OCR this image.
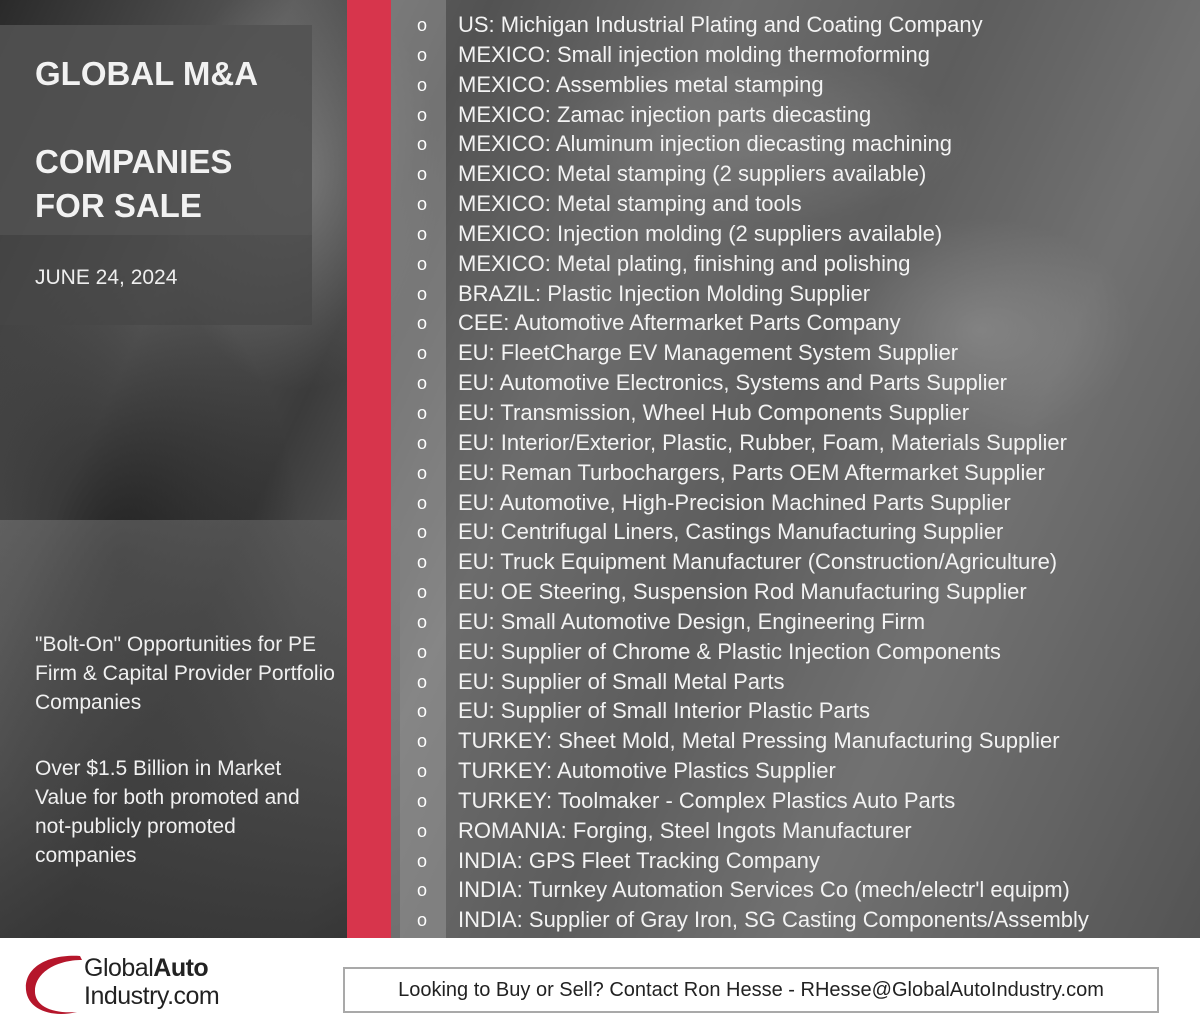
GLOBAL M&A

COMPANIES
FOR SALE
JUNE 24, 2024
"Bolt-On" Opportunities for PE Firm & Capital Provider Portfolio Companies
Over $1.5 Billion in Market Value for both promoted and not-publicly promoted companies
o	US: Michigan Industrial Plating and Coating Company
o	MEXICO: Small injection molding thermoforming
o	MEXICO: Assemblies metal stamping
o	MEXICO: Zamac injection parts diecasting
o	MEXICO: Aluminum injection diecasting machining
o	MEXICO: Metal stamping (2 suppliers available)
o	MEXICO: Metal stamping and tools
o	MEXICO: Injection molding (2 suppliers available)
o	MEXICO: Metal plating, finishing and polishing
o	BRAZIL: Plastic Injection Molding Supplier
o	CEE: Automotive Aftermarket Parts Company
o	EU: FleetCharge EV Management System Supplier
o	EU: Automotive Electronics, Systems and Parts Supplier
o	EU: Transmission, Wheel Hub Components Supplier
o	EU: Interior/Exterior, Plastic, Rubber, Foam, Materials Supplier
o	EU: Reman Turbochargers, Parts OEM Aftermarket Supplier
o	EU: Automotive, High-Precision Machined Parts Supplier
o	EU: Centrifugal Liners, Castings Manufacturing Supplier
o	EU: Truck Equipment Manufacturer (Construction/Agriculture)
o	EU: OE Steering, Suspension Rod Manufacturing Supplier
o	EU: Small Automotive Design, Engineering Firm
o	EU: Supplier of Chrome & Plastic Injection Components
o	EU: Supplier of Small Metal Parts
o	EU: Supplier of Small Interior Plastic Parts
o	TURKEY: Sheet Mold, Metal Pressing Manufacturing Supplier
o	TURKEY: Automotive Plastics Supplier
o	TURKEY: Toolmaker - Complex Plastics Auto Parts
o	ROMANIA: Forging, Steel Ingots Manufacturer
o	INDIA: GPS Fleet Tracking Company
o	INDIA: Turnkey Automation Services Co (mech/electr'l equipm)
o	INDIA: Supplier of Gray Iron, SG Casting Components/Assembly
GlobalAuto
Industry.com	Looking to Buy or Sell? Contact Ron Hesse - RHesse@GlobalAutoIndustry.com
